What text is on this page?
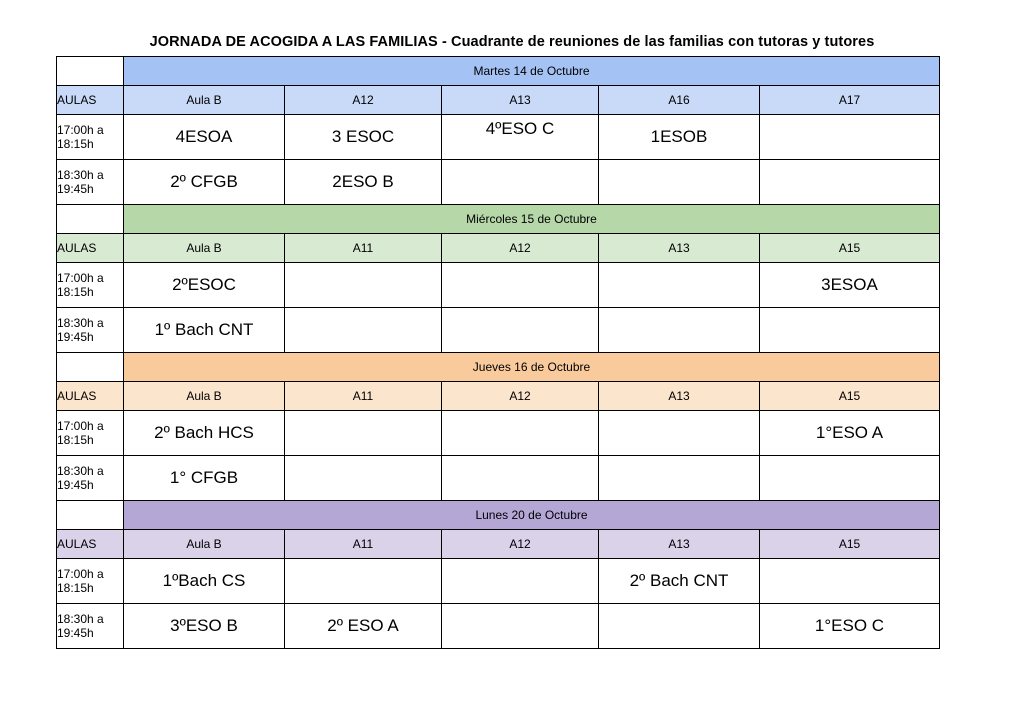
JORNADA DE ACOGIDA A LAS FAMILIAS - Cuadrante de reuniones de las familias con tutoras y tutores
	Martes 14 de Octubre				
AULAS	Aula B	A12	A13	A16	A17
17:00h a
18:15h	4ESOA	3 ESOC	4ºESO C	1ESOB	
18:30h a
19:45h	2º CFGB	2ESO B			
	Miércoles 15 de Octubre				
AULAS	Aula B	A11	A12	A13	A15
17:00h a
18:15h	2ºESOC				3ESOA
18:30h a
19:45h	1º Bach CNT				
	Jueves 16 de Octubre				
AULAS	Aula B	A11	A12	A13	A15
17:00h a
18:15h	2º Bach HCS				1°ESO A
18:30h a
19:45h	1° CFGB				
	Lunes 20 de Octubre				
AULAS	Aula B	A11	A12	A13	A15
17:00h a
18:15h	1ºBach CS			2º Bach CNT	
18:30h a
19:45h	3ºESO B	2º ESO A			1°ESO C
